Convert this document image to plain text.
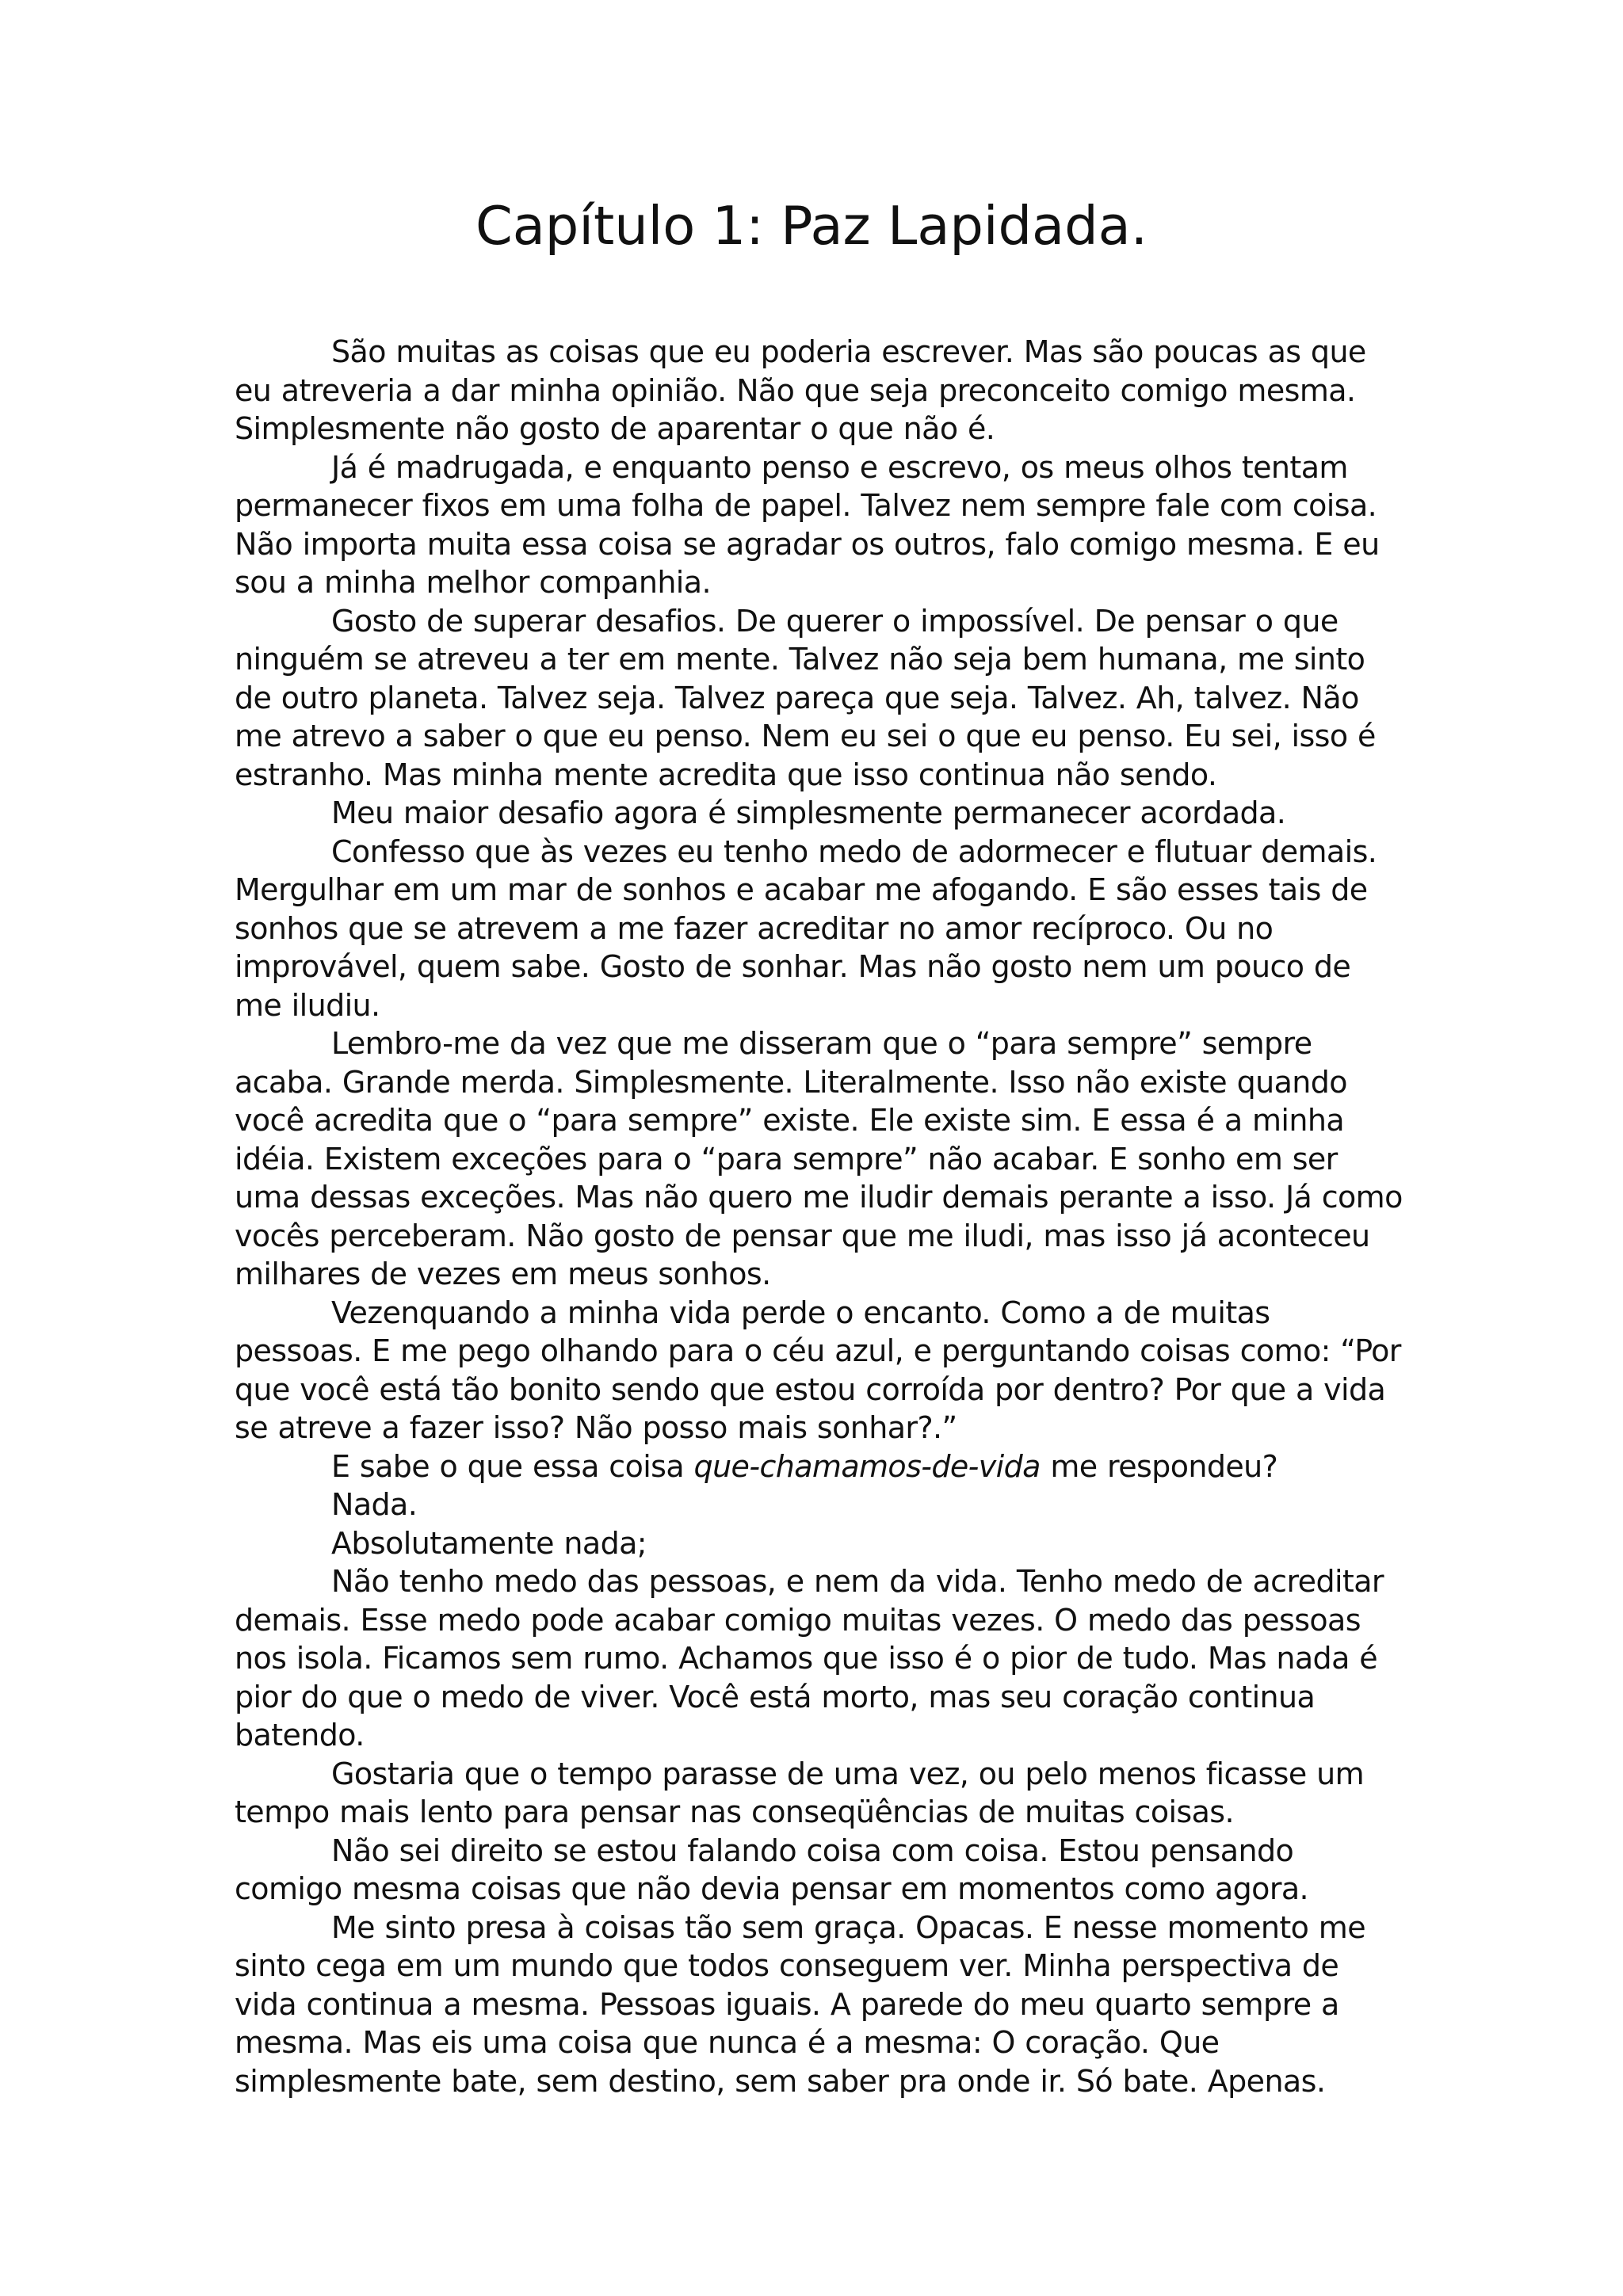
Capítulo 1: Paz Lapidada.

São muitas as coisas que eu poderia escrever. Mas são poucas as que eu atreveria a dar minha opinião. Não que seja preconceito comigo mesma. Simplesmente não gosto de aparentar o que não é.

Já é madrugada, e enquanto penso e escrevo, os meus olhos tentam permanecer fixos em uma folha de papel. Talvez nem sempre fale com coisa. Não importa muita essa coisa se agradar os outros, falo comigo mesma. E eu sou a minha melhor companhia.

Gosto de superar desafios. De querer o impossível. De pensar o que ninguém se atreveu a ter em mente. Talvez não seja bem humana, me sinto de outro planeta. Talvez seja. Talvez pareça que seja. Talvez. Ah, talvez. Não me atrevo a saber o que eu penso. Nem eu sei o que eu penso. Eu sei, isso é estranho. Mas minha mente acredita que isso continua não sendo.

Meu maior desafio agora é simplesmente permanecer acordada.

Confesso que às vezes eu tenho medo de adormecer e flutuar demais. Mergulhar em um mar de sonhos e acabar me afogando. E são esses tais de sonhos que se atrevem a me fazer acreditar no amor recíproco. Ou no improvável, quem sabe. Gosto de sonhar. Mas não gosto nem um pouco de me iludiu.

Lembro-me da vez que me disseram que o “para sempre” sempre acaba. Grande merda. Simplesmente. Literalmente. Isso não existe quando você acredita que o “para sempre” existe. Ele existe sim. E essa é a minha idéia. Existem exceções para o “para sempre” não acabar. E sonho em ser uma dessas exceções. Mas não quero me iludir demais perante a isso. Já como vocês perceberam. Não gosto de pensar que me iludi, mas isso já aconteceu milhares de vezes em meus sonhos.

Vezenquando a minha vida perde o encanto. Como a de muitas pessoas. E me pego olhando para o céu azul, e perguntando coisas como: “Por que você está tão bonito sendo que estou corroída por dentro? Por que a vida se atreve a fazer isso? Não posso mais sonhar?.”

E sabe o que essa coisa que-chamamos-de-vida me respondeu?

Nada.

Absolutamente nada;

Não tenho medo das pessoas, e nem da vida. Tenho medo de acreditar demais. Esse medo pode acabar comigo muitas vezes. O medo das pessoas nos isola. Ficamos sem rumo. Achamos que isso é o pior de tudo. Mas nada é pior do que o medo de viver. Você está morto, mas seu coração continua batendo.

Gostaria que o tempo parasse de uma vez, ou pelo menos ficasse um tempo mais lento para pensar nas conseqüências de muitas coisas.

Não sei direito se estou falando coisa com coisa. Estou pensando comigo mesma coisas que não devia pensar em momentos como agora.

Me sinto presa à coisas tão sem graça. Opacas. E nesse momento me sinto cega em um mundo que todos conseguem ver. Minha perspectiva de vida continua a mesma. Pessoas iguais. A parede do meu quarto sempre a mesma. Mas eis uma coisa que nunca é a mesma: O coração. Que simplesmente bate, sem destino, sem saber pra onde ir. Só bate. Apenas.
